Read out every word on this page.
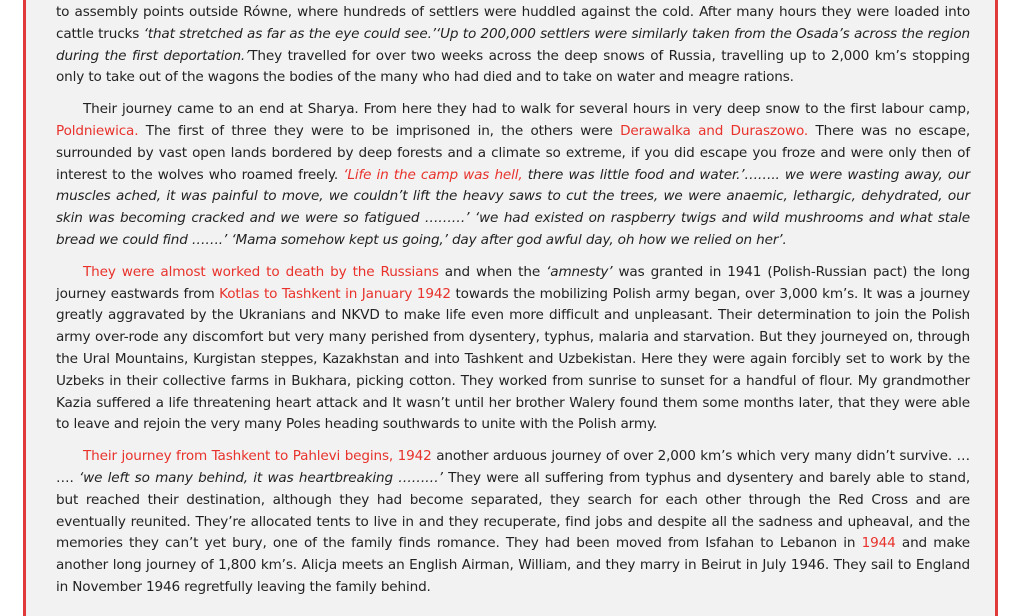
to assembly points outside Równe, where hundreds of settlers were huddled against the cold. After many hours they were loaded into cattle trucks ‘that stretched as far as the eye could see.’‘Up to 200,000 settlers were similarly taken from the Osada’s across the region during the first deportation.’They travelled for over two weeks across the deep snows of Russia, travelling up to 2,000 km’s stopping only to take out of the wagons the bodies of the many who had died and to take on water and meagre rations.

Their journey came to an end at Sharya. From here they had to walk for several hours in very deep snow to the first labour camp, Poldniewica. The first of three they were to be imprisoned in, the others were Derawalka and Duraszowo. There was no escape, surrounded by vast open lands bordered by deep forests and a climate so extreme, if you did escape you froze and were only then of interest to the wolves who roamed freely. ‘Life in the camp was hell, there was little food and water.’…….. we were wasting away, our muscles ached, it was painful to move, we couldn’t lift the heavy saws to cut the trees, we were anaemic, lethargic, dehydrated, our skin was becoming cracked and we were so fatigued ………’ ‘we had existed on raspberry twigs and wild mushrooms and what stale bread we could find …….’ ‘Mama somehow kept us going,’ day after god awful day, oh how we relied on her’.

They were almost worked to death by the Russians and when the ‘amnesty’ was granted in 1941 (Polish-Russian pact) the long journey eastwards from Kotlas to Tashkent in January 1942 towards the mobilizing Polish army began, over 3,000 km’s. It was a journey greatly aggravated by the Ukranians and NKVD to make life even more difficult and unpleasant. Their determination to join the Polish army over-rode any discomfort but very many perished from dysentery, typhus, malaria and starvation. But they journeyed on, through the Ural Mountains, Kurgistan steppes, Kazakhstan and into Tashkent and Uzbekistan. Here they were again forcibly set to work by the Uzbeks in their collective farms in Bukhara, picking cotton. They worked from sunrise to sunset for a handful of flour. My grandmother Kazia suffered a life threatening heart attack and It wasn’t until her brother Walery found them some months later, that they were able to leave and rejoin the very many Poles heading southwards to unite with the Polish army.

Their journey from Tashkent to Pahlevi begins, 1942 another arduous journey of over 2,000 km’s which very many didn’t survive. … …. ‘we left so many behind, it was heartbreaking ………’ They were all suffering from typhus and dysentery and barely able to stand, but reached their destination, although they had become separated, they search for each other through the Red Cross and are eventually reunited. They’re allocated tents to live in and they recuperate, find jobs and despite all the sadness and upheaval, and the memories they can’t yet bury, one of the family finds romance. They had been moved from Isfahan to Lebanon in 1944 and make another long journey of 1,800 km’s. Alicja meets an English Airman, William, and they marry in Beirut in July 1946. They sail to England in November 1946 regretfully leaving the family behind.
